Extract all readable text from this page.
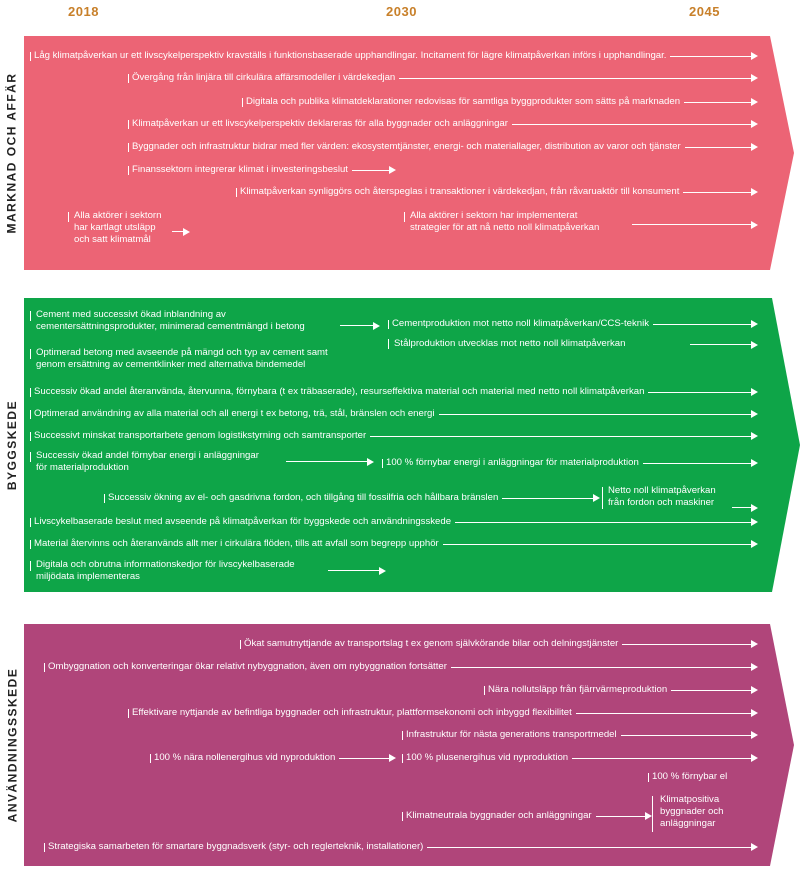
2018	2030	2045
MARKNAD OCH AFFÄR
Låg klimatpåverkan ur ett livscykelperspektiv kravställs i funktionsbaserade upphandlingar. Incitament för lägre klimatpåverkan införs i upphandlingar.
Övergång från linjära till cirkulära affärsmodeller i värdekedjan
Digitala och publika klimatdeklarationer redovisas för samtliga byggprodukter som sätts på marknaden
Klimatpåverkan ur ett livscykelperspektiv deklareras för alla byggnader och anläggningar
Byggnader och infrastruktur bidrar med fler värden: ekosystemtjänster, energi- och materiallager, distribution av varor och tjänster
Finanssektorn integrerar klimat i investeringsbeslut
Klimatpåverkan synliggörs och återspeglas i transaktioner i värdekedjan, från råvaruaktör till konsument
Alla aktörer i sektorn
har kartlagt utsläpp
och satt klimatmål
Alla aktörer i sektorn har implementerat
strategier för att nå netto noll klimatpåverkan
BYGGSKEDE
Cement med successivt ökad inblandning av
cementersättningsprodukter, minimerad cementmängd i betong	Cementproduktion mot netto noll klimatpåverkan/CCS-teknik
Optimerad betong med avseende på mängd och typ av cement samt
genom ersättning av cementklinker med alternativa bindemedel
Stålproduktion utvecklas mot netto noll klimatpåverkan
Successiv ökad andel återanvända, återvunna, förnybara (t ex träbaserade), resurseffektiva material och material med netto noll klimatpåverkan
Optimerad användning av alla material och all energi t ex betong, trä, stål, bränslen och energi
Successivt minskat transportarbete genom logistikstyrning och samtransporter
Successiv ökad andel förnybar energi i anläggningar
för materialproduktion	100 % förnybar energi i anläggningar för materialproduktion
Successiv ökning av el- och gasdrivna fordon, och tillgång till fossilfria och hållbara bränslen
Netto noll klimatpåverkan
från fordon och maskiner
Livscykelbaserade beslut med avseende på klimatpåverkan för byggskede och användningsskede
Material återvinns och återanvänds allt mer i cirkulära flöden, tills att avfall som begrepp upphör
Digitala och obrutna informationskedjor för livscykelbaserade
miljödata implementeras
ANVÄNDNINGSSKEDE
Ökat samutnyttjande av transportslag t ex genom självkörande bilar och delningstjänster
Ombyggnation och konverteringar ökar relativt nybyggnation, även om nybyggnation fortsätter
Nära nollutsläpp från fjärrvärmeproduktion
Effektivare nyttjande av befintliga byggnader och infrastruktur, plattformsekonomi och inbyggd flexibilitet
Infrastruktur för nästa generations transportmedel
100 % nära nollenergihus vid nyproduktion	100 % plusenergihus vid nyproduktion
100 % förnybar el
Klimatneutrala byggnader och anläggningar
Klimatpositiva
byggnader och
anläggningar
Strategiska samarbeten för smartare byggnadsverk (styr- och reglerteknik, installationer)
